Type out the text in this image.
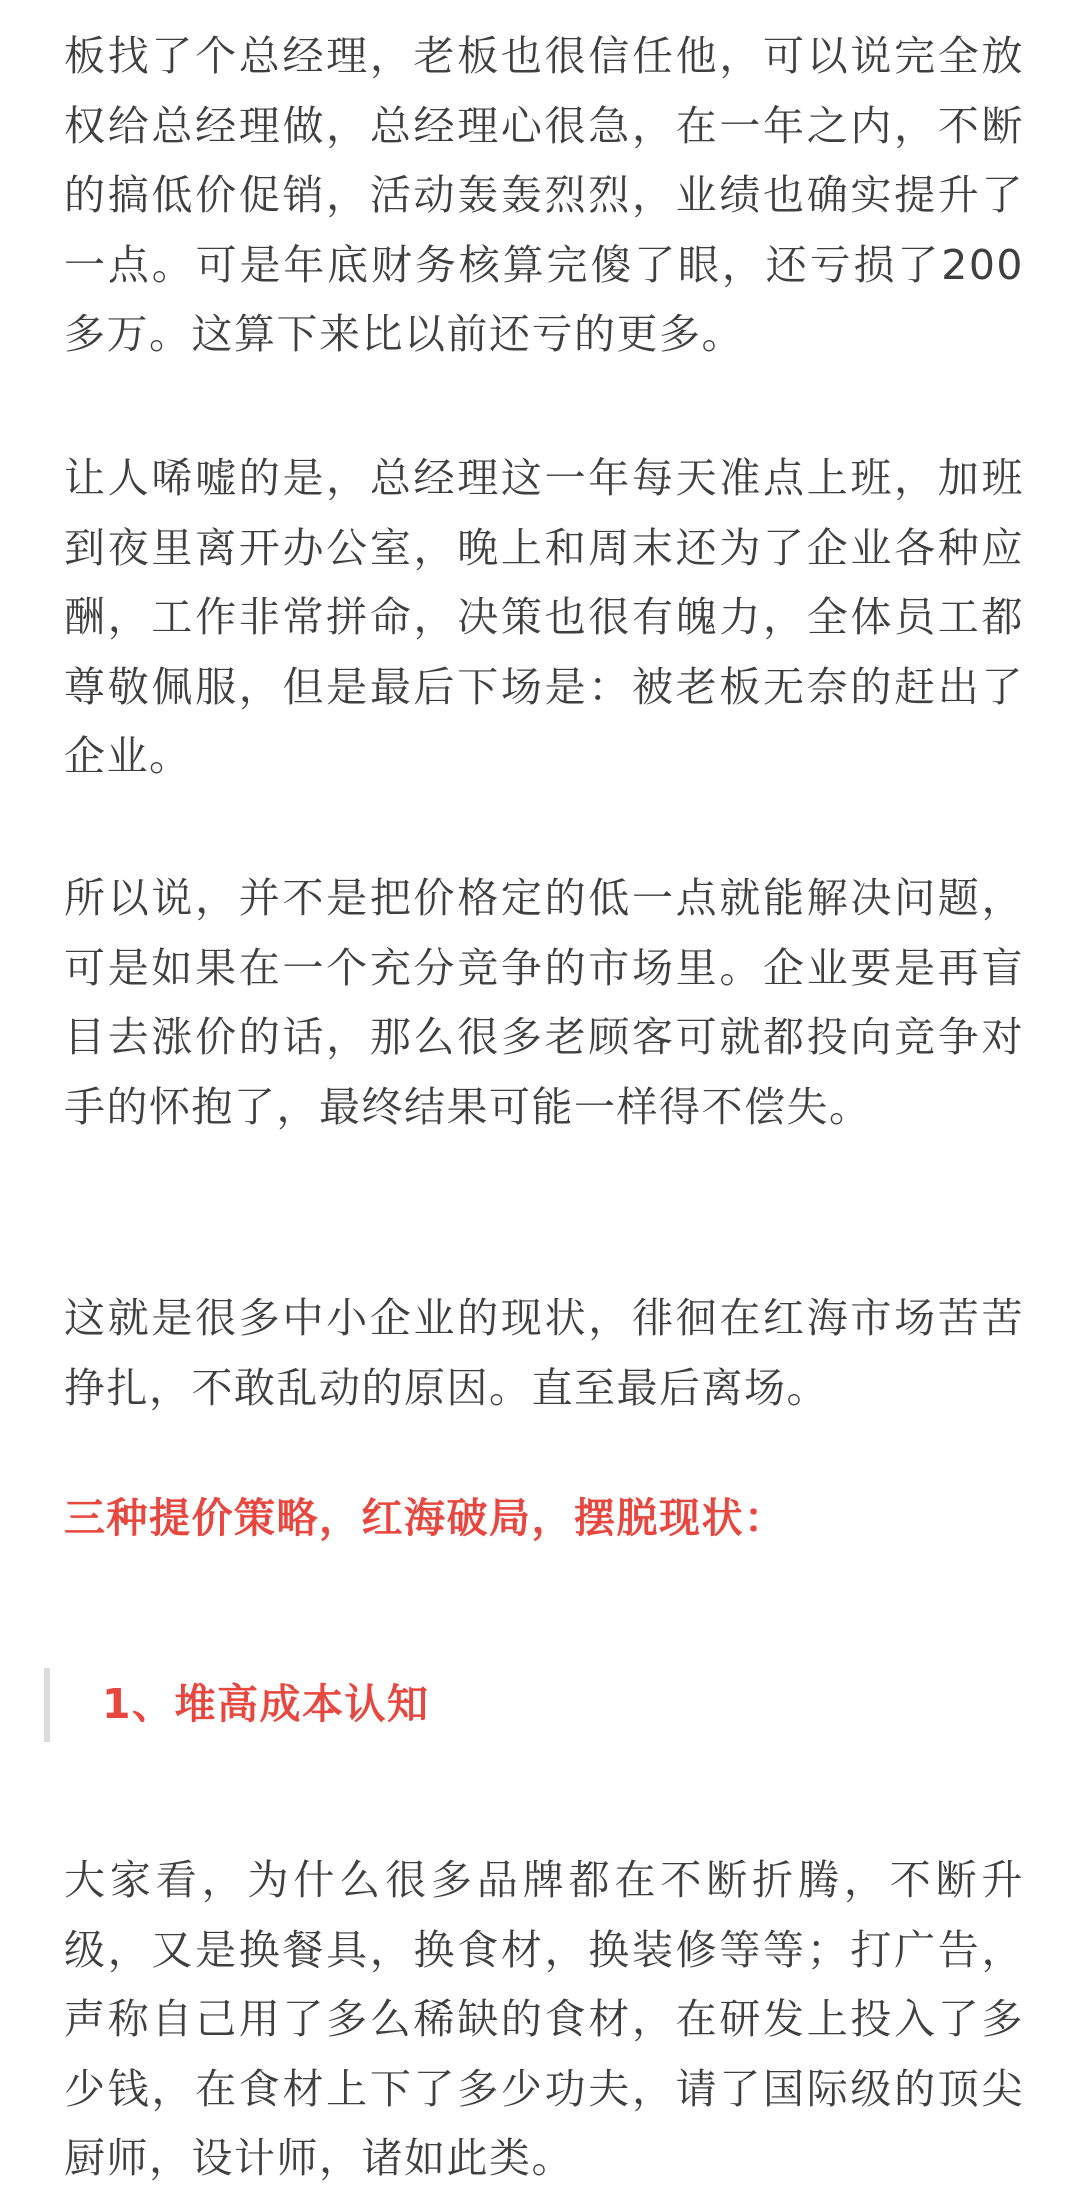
板找了个总经理，老板也很信任他，可以说完全放权给总经理做，总经理心很急，在一年之内，不断的搞低价促销，活动轰轰烈烈，业绩也确实提升了一点。可是年底财务核算完傻了眼，还亏损了200多万。这算下来比以前还亏的更多。

让人唏嘘的是，总经理这一年每天准点上班，加班到夜里离开办公室，晚上和周末还为了企业各种应酬，工作非常拼命，决策也很有魄力，全体员工都尊敬佩服，但是最后下场是：被老板无奈的赶出了企业。

所以说，并不是把价格定的低一点就能解决问题，可是如果在一个充分竞争的市场里。企业要是再盲目去涨价的话，那么很多老顾客可就都投向竞争对手的怀抱了，最终结果可能一样得不偿失。

这就是很多中小企业的现状，徘徊在红海市场苦苦挣扎，不敢乱动的原因。直至最后离场。

三种提价策略，红海破局，摆脱现状：

1、堆高成本认知

大家看，为什么很多品牌都在不断折腾，不断升级，又是换餐具，换食材，换装修等等；打广告，声称自己用了多么稀缺的食材，在研发上投入了多少钱，在食材上下了多少功夫，请了国际级的顶尖厨师，设计师，诸如此类。
